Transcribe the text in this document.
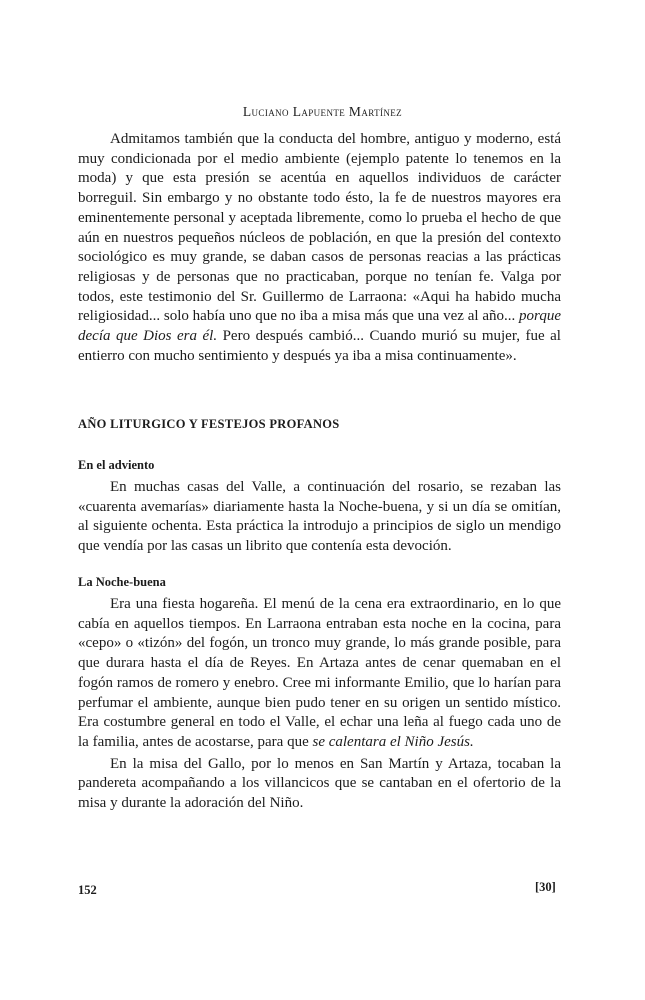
Luciano Lapuente Martínez

Admitamos también que la conducta del hombre, antiguo y moderno, está muy condicionada por el medio ambiente (ejemplo patente lo tenemos en la moda) y que esta presión se acentúa en aquellos individuos de carácter borreguil. Sin embargo y no obstante todo ésto, la fe de nuestros mayores era eminentemente personal y aceptada libremente, como lo prueba el hecho de que aún en nuestros pequeños núcleos de población, en que la presión del contexto sociológico es muy grande, se daban casos de personas reacias a las prácticas religiosas y de personas que no practicaban, porque no tenían fe. Valga por todos, este testimonio del Sr. Guillermo de Larraona: «Aqui ha habido mucha religiosidad... solo había uno que no iba a misa más que una vez al año... porque decía que Dios era él. Pero después cambió... Cuando murió su mujer, fue al entierro con mucho sentimiento y después ya iba a misa continuamente».

AÑO LITURGICO Y FESTEJOS PROFANOS
En el adviento

En muchas casas del Valle, a continuación del rosario, se rezaban las «cuarenta avemarías» diariamente hasta la Noche-buena, y si un día se omitían, al siguiente ochenta. Esta práctica la introdujo a principios de siglo un mendigo que vendía por las casas un librito que contenía esta devoción.

La Noche-buena

Era una fiesta hogareña. El menú de la cena era extraordinario, en lo que cabía en aquellos tiempos. En Larraona entraban esta noche en la cocina, para «cepo» o «tizón» del fogón, un tronco muy grande, lo más grande posible, para que durara hasta el día de Reyes. En Artaza antes de cenar quemaban en el fogón ramos de romero y enebro. Cree mi informante Emilio, que lo harían para perfumar el ambiente, aunque bien pudo tener en su origen un sentido místico. Era costumbre general en todo el Valle, el echar una leña al fuego cada uno de la familia, antes de acostarse, para que se calentara el Niño Jesús.

En la misa del Gallo, por lo menos en San Martín y Artaza, tocaban la pandereta acompañando a los villancicos que se cantaban en el ofertorio de la misa y durante la adoración del Niño.

152	[30]
